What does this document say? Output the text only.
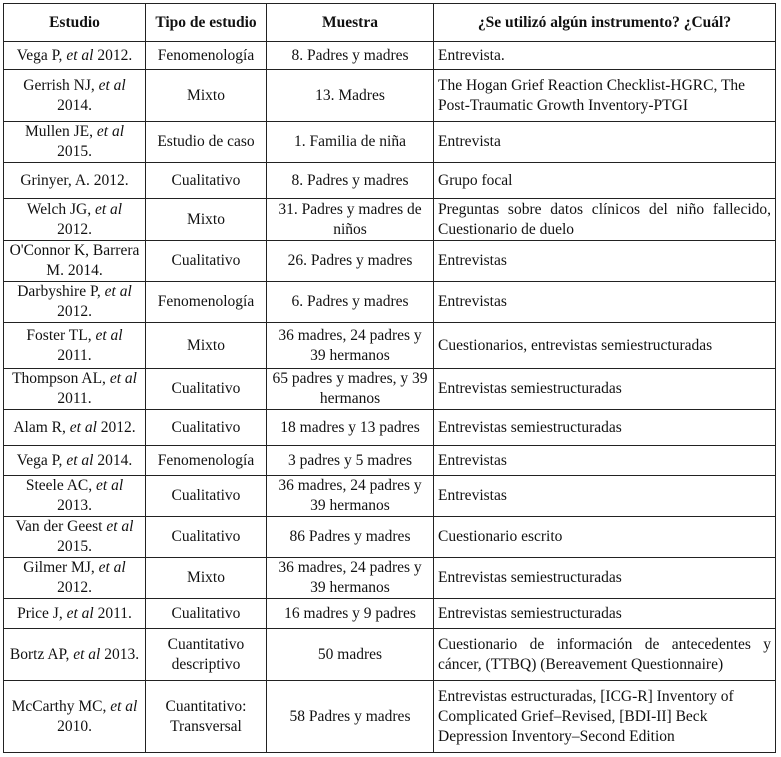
Estudio	Tipo de estudio	Muestra	¿Se utilizó algún instrumento? ¿Cuál?
Vega P, et al 2012.	Fenomenología	8. Padres y madres	Entrevista.
Gerrish NJ, et al 2014.	Mixto	13. Madres	The Hogan Grief Reaction Checklist-HGRC, The Post-Traumatic Growth Inventory-PTGI
Mullen JE, et al 2015.	Estudio de caso	1. Familia de niña	Entrevista
Grinyer, A. 2012.	Cualitativo	8. Padres y madres	Grupo focal
Welch JG, et al 2012.	Mixto	31. Padres y madres de niños	Preguntas sobre datos clínicos del niño fallecido, Cuestionario de duelo
O'Connor K, Barrera M. 2014.	Cualitativo	26. Padres y madres	Entrevistas
Darbyshire P, et al 2012.	Fenomenología	6. Padres y madres	Entrevistas
Foster TL, et al 2011.	Mixto	36 madres, 24 padres y 39 hermanos	Cuestionarios, entrevistas semiestructuradas
Thompson AL, et al 2011.	Cualitativo	65 padres y madres, y 39 hermanos	Entrevistas semiestructuradas
Alam R, et al 2012.	Cualitativo	18 madres y 13 padres	Entrevistas semiestructuradas
Vega P, et al 2014.	Fenomenología	3 padres y 5 madres	Entrevistas
Steele AC, et al 2013.	Cualitativo	36 madres, 24 padres y 39 hermanos	Entrevistas
Van der Geest et al 2015.	Cualitativo	86 Padres y madres	Cuestionario escrito
Gilmer MJ, et al 2012.	Mixto	36 madres, 24 padres y 39 hermanos	Entrevistas semiestructuradas
Price J, et al 2011.	Cualitativo	16 madres y 9 padres	Entrevistas semiestructuradas
Bortz AP, et al 2013.	Cuantitativo descriptivo	50 madres	Cuestionario de información de antecedentes y cáncer, (TTBQ) (Bereavement Questionnaire)
McCarthy MC, et al 2010.	Cuantitativo: Transversal	58 Padres y madres	Entrevistas estructuradas, [ICG-R] Inventory of Complicated Grief–Revised, [BDI-II] Beck Depression Inventory–Second Edition
